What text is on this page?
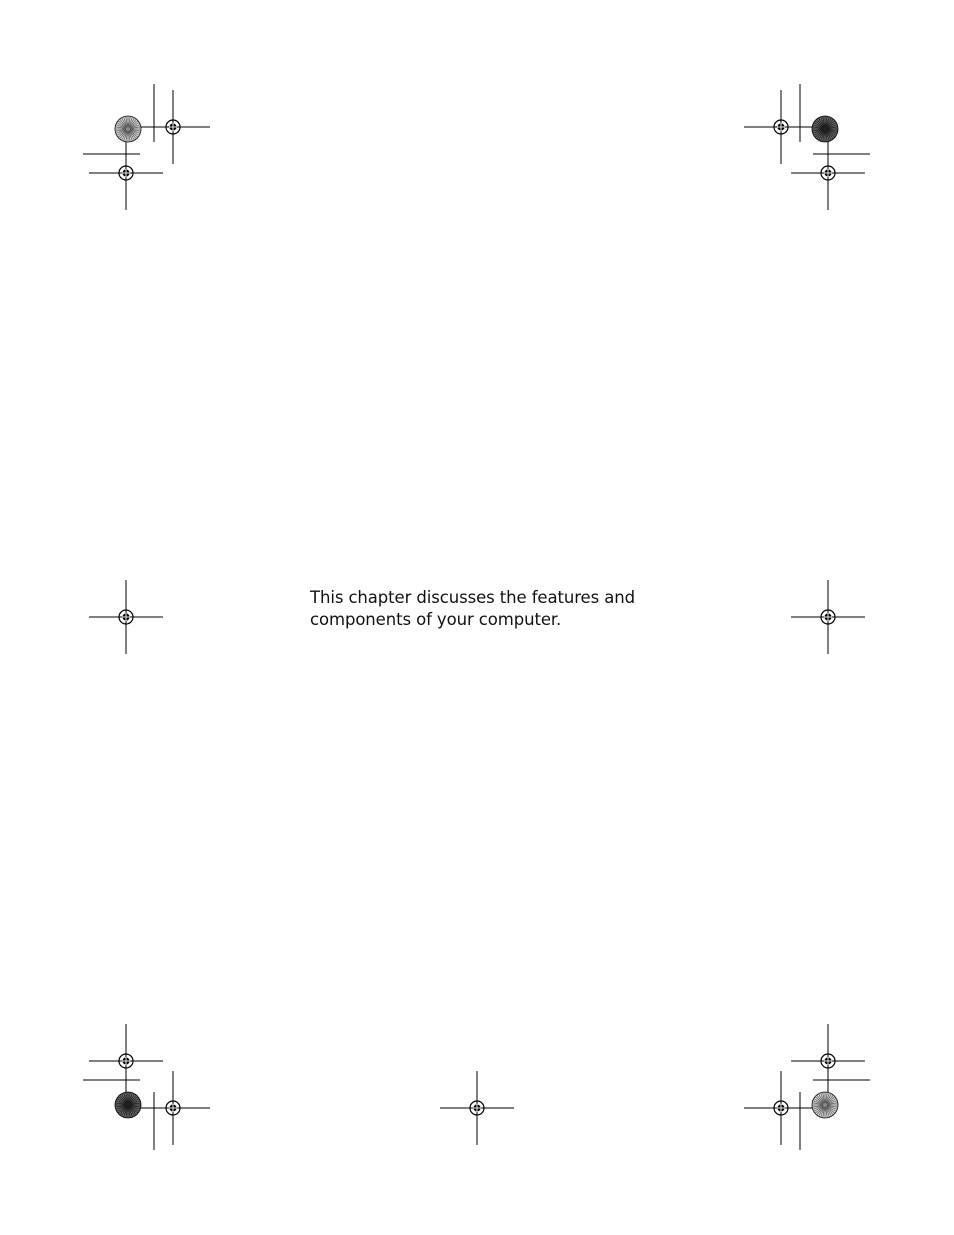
This chapter discusses the features and
components of your computer.
